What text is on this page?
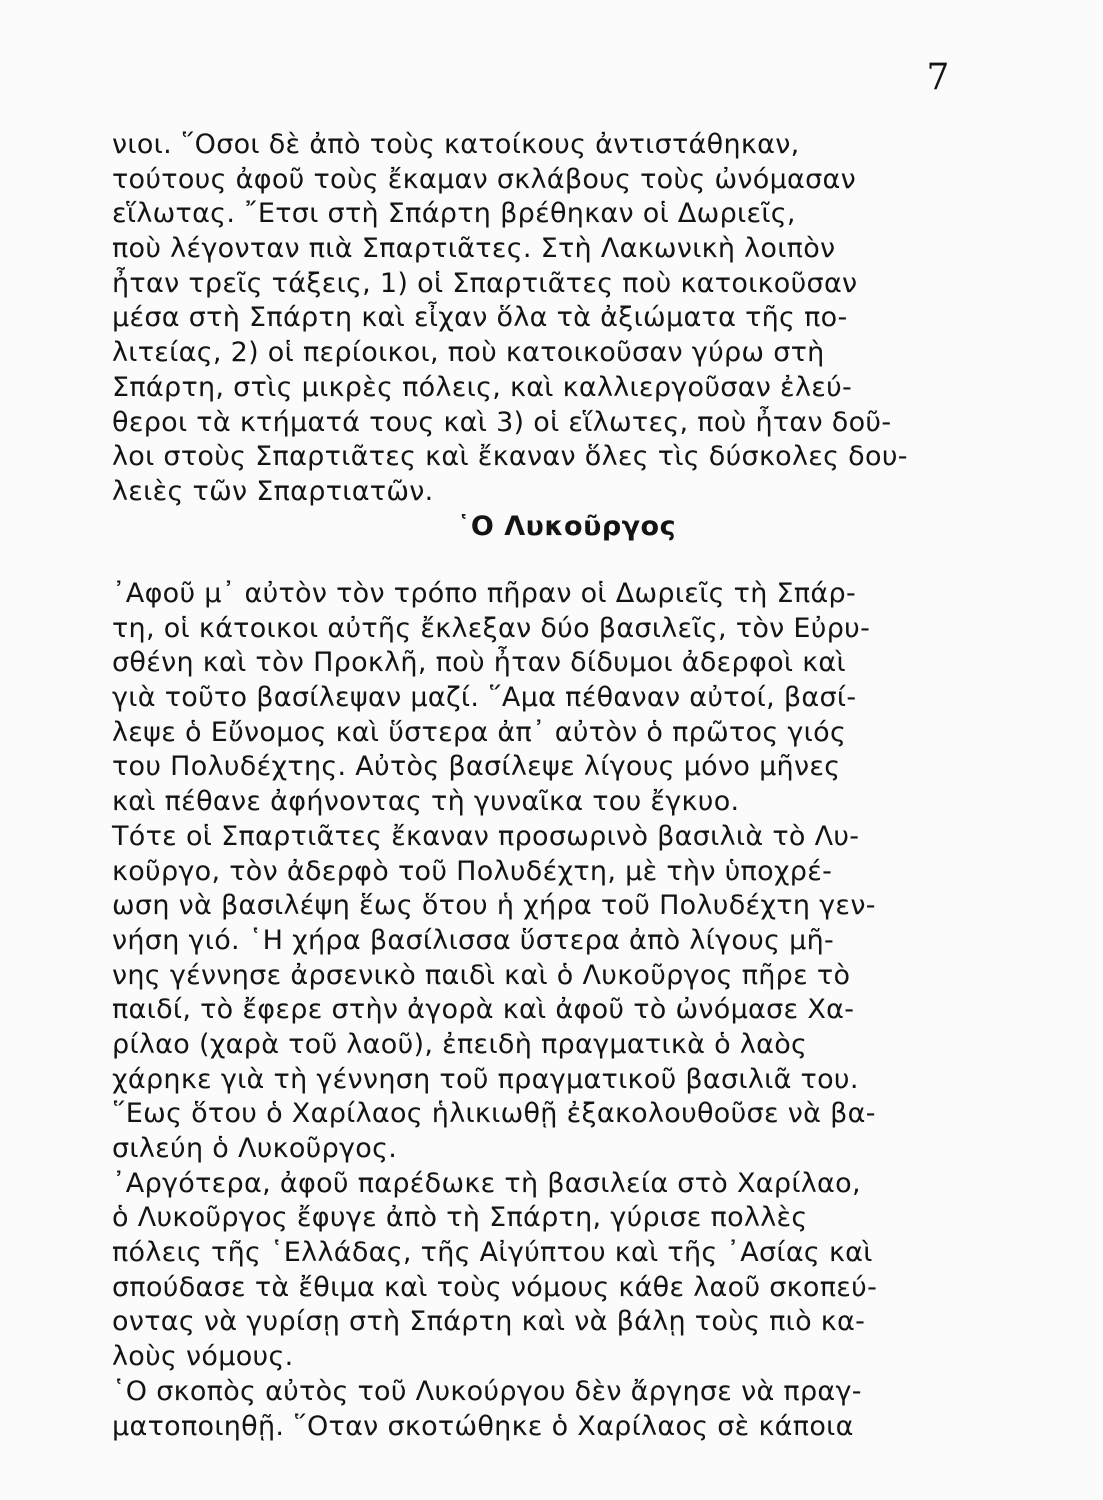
7
νιοι. ῞Οσοι δὲ ἀπὸ τοὺς κατοίκους ἀντιστάθηκαν,
τούτους ἀφοῦ τοὺς ἔκαμαν σκλάβους τοὺς ὠνόμασαν
εἵλωτας. ῎Ετσι στὴ Σπάρτη βρέθηκαν οἱ Δωριεῖς,
ποὺ λέγονταν πιὰ Σπαρτιᾶτες. Στὴ Λακωνικὴ λοιπὸν
ἦταν τρεῖς τάξεις, 1) οἱ Σπαρτιᾶτες ποὺ κατοικοῦσαν
μέσα στὴ Σπάρτη καὶ εἶχαν ὅλα τὰ ἀξιώματα τῆς πο-
λιτείας, 2) οἱ περίοικοι, ποὺ κατοικοῦσαν γύρω στὴ
Σπάρτη, στὶς μικρὲς πόλεις, καὶ καλλιεργοῦσαν ἐλεύ-
θεροι τὰ κτήματά τους καὶ 3) οἱ εἵλωτες, ποὺ ἦταν δοῦ-
λοι στοὺς Σπαρτιᾶτες καὶ ἔκαναν ὅλες τὶς δύσκολες δου-
λειὲς τῶν Σπαρτιατῶν.
῾Ο Λυκοῦργος
᾿Αφοῦ μ᾿ αὐτὸν τὸν τρόπο πῆραν οἱ Δωριεῖς τὴ Σπάρ-
τη, οἱ κάτοικοι αὐτῆς ἔκλεξαν δύο βασιλεῖς, τὸν Εὐρυ-
σθένη καὶ τὸν Προκλῆ, ποὺ ἦταν δίδυμοι ἀδερφοὶ καὶ
γιὰ τοῦτο βασίλεψαν μαζί. ῞Αμα πέθαναν αὐτοί, βασί-
λεψε ὁ Εὔνομος καὶ ὕστερα ἀπ᾿ αὐτὸν ὁ πρῶτος γιός
του Πολυδέχτης. Αὐτὸς βασίλεψε λίγους μόνο μῆνες
καὶ πέθανε ἀφήνοντας τὴ γυναῖκα του ἔγκυο.
Τότε οἱ Σπαρτιᾶτες ἔκαναν προσωρινὸ βασιλιὰ τὸ Λυ-
κοῦργο, τὸν ἀδερφὸ τοῦ Πολυδέχτη, μὲ τὴν ὑποχρέ-
ωση νὰ βασιλέψη ἕως ὅτου ἡ χήρα τοῦ Πολυδέχτη γεν-
νήση γιό. ῾Η χήρα βασίλισσα ὕστερα ἀπὸ λίγους μῆ-
νης γέννησε ἀρσενικὸ παιδὶ καὶ ὁ Λυκοῦργος πῆρε τὸ
παιδί, τὸ ἔφερε στὴν ἀγορὰ καὶ ἀφοῦ τὸ ὠνόμασε Χα-
ρίλαο (χαρὰ τοῦ λαοῦ), ἐπειδὴ πραγματικὰ ὁ λαὸς
χάρηκε γιὰ τὴ γέννηση τοῦ πραγματικοῦ βασιλιᾶ του.
῞Εως ὅτου ὁ Χαρίλαος ἡλικιωθῇ ἐξακολουθοῦσε νὰ βα-
σιλεύη ὁ Λυκοῦργος.
᾿Αργότερα, ἀφοῦ παρέδωκε τὴ βασιλεία στὸ Χαρίλαο,
ὁ Λυκοῦργος ἔφυγε ἀπὸ τὴ Σπάρτη, γύρισε πολλὲς
πόλεις τῆς ῾Ελλάδας, τῆς Αἰγύπτου καὶ τῆς ᾿Ασίας καὶ
σπούδασε τὰ ἔθιμα καὶ τοὺς νόμους κάθε λαοῦ σκοπεύ-
οντας νὰ γυρίσῃ στὴ Σπάρτη καὶ νὰ βάλῃ τοὺς πιὸ κα-
λοὺς νόμους.
῾Ο σκοπὸς αὐτὸς τοῦ Λυκούργου δὲν ἄργησε νὰ πραγ-
ματοποιηθῇ. ῞Οταν σκοτώθηκε ὁ Χαρίλαος σὲ κάποια
